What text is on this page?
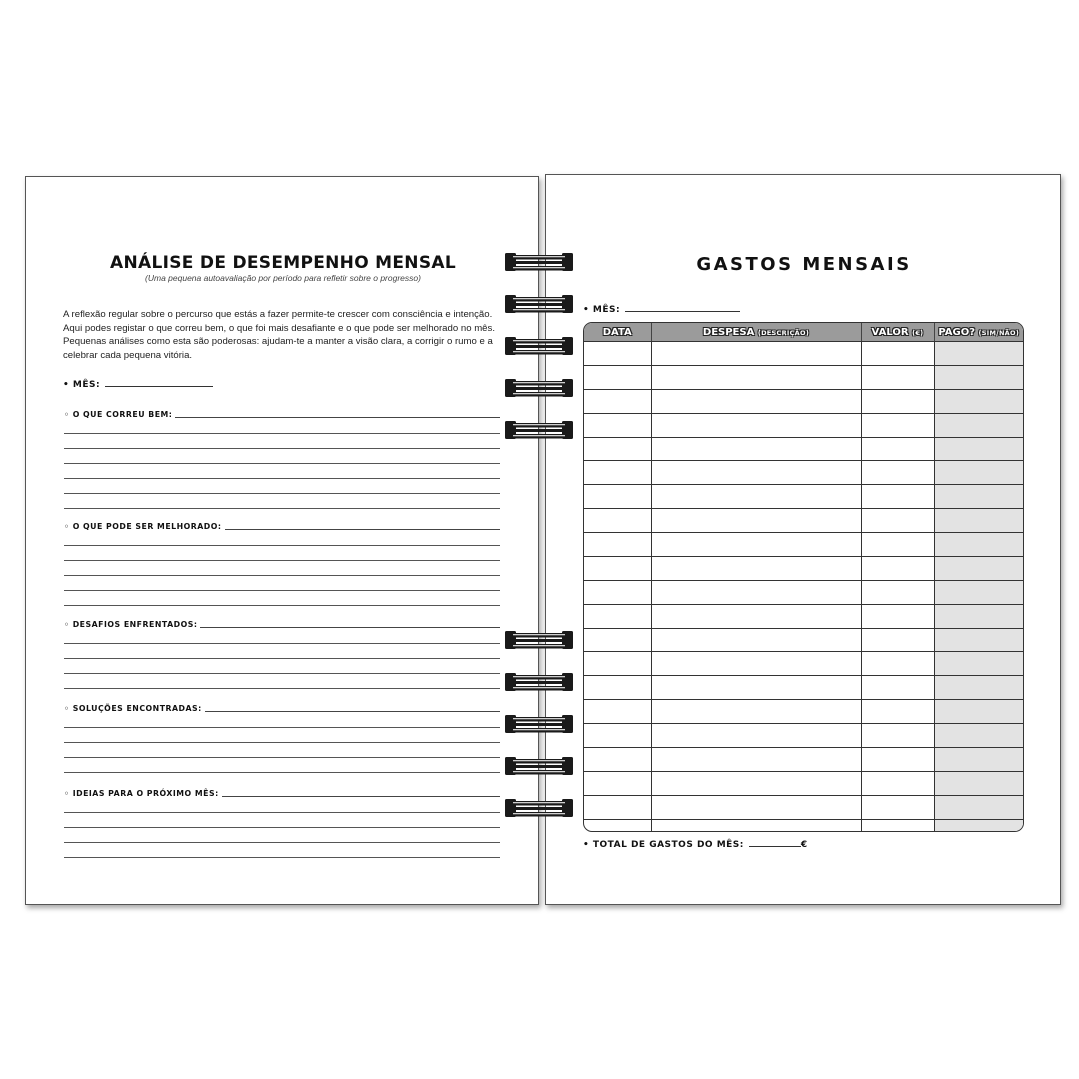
ANÁLISE DE DESEMPENHO MENSAL
(Uma pequena autoavaliação por período para refletir sobre o progresso)
A reflexão regular sobre o percurso que estás a fazer permite-te crescer com consciência e intenção. Aqui podes registar o que correu bem, o que foi mais desafiante e o que pode ser melhorado no mês. Pequenas análises como esta são poderosas: ajudam-te a manter a visão clara, a corrigir o rumo e a celebrar cada pequena vitória.
• MÊS:
◦ O QUE CORREU BEM:
◦ O QUE PODE SER MELHORADO:
◦ DESAFIOS ENFRENTADOS:
◦ SOLUÇÕES ENCONTRADAS:
◦ IDEIAS PARA O PRÓXIMO MÊS:
GASTOS MENSAIS
• MÊS:
DATA	DESPESA (DESCRIÇÃO)	VALOR (€)	PAGO? (SIM/NÃO)

• TOTAL DE GASTOS DO MÊS:	€
